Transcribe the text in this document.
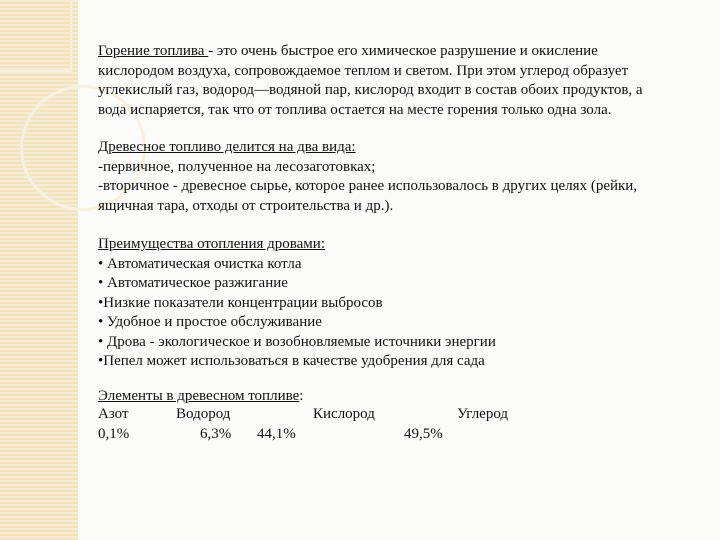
Горение топлива - это очень быстрое его химическое разрушение и окисление

кислородом воздуха, сопровождаемое теплом и светом. При этом углерод образует

углекислый газ, водород—водяной пар, кислород входит в состав обоих продуктов, а

вода испаряется, так что от топлива остается на месте горения только одна зола.

Древесное топливо делится на два вида:

-первичное, полученное на лесозаготовках;

-вторичное - древесное сырье, которое ранее использовалось в других целях (рейки,

ящичная тара, отходы от строительства и др.).

Преимущества отопления дровами:

• Автоматическая очистка котла

• Автоматическое разжигание

•Низкие показатели концентрации выбросов

• Удобное и простое обслуживание

• Дрова - экологическое и возобновляемые источники энергии

•Пепел может использоваться в качестве удобрения для сада

Элементы в древесном топливе:

Азот	Водород	Кислород	Углерод
0,1%	6,3% 44,1%	49,5%
